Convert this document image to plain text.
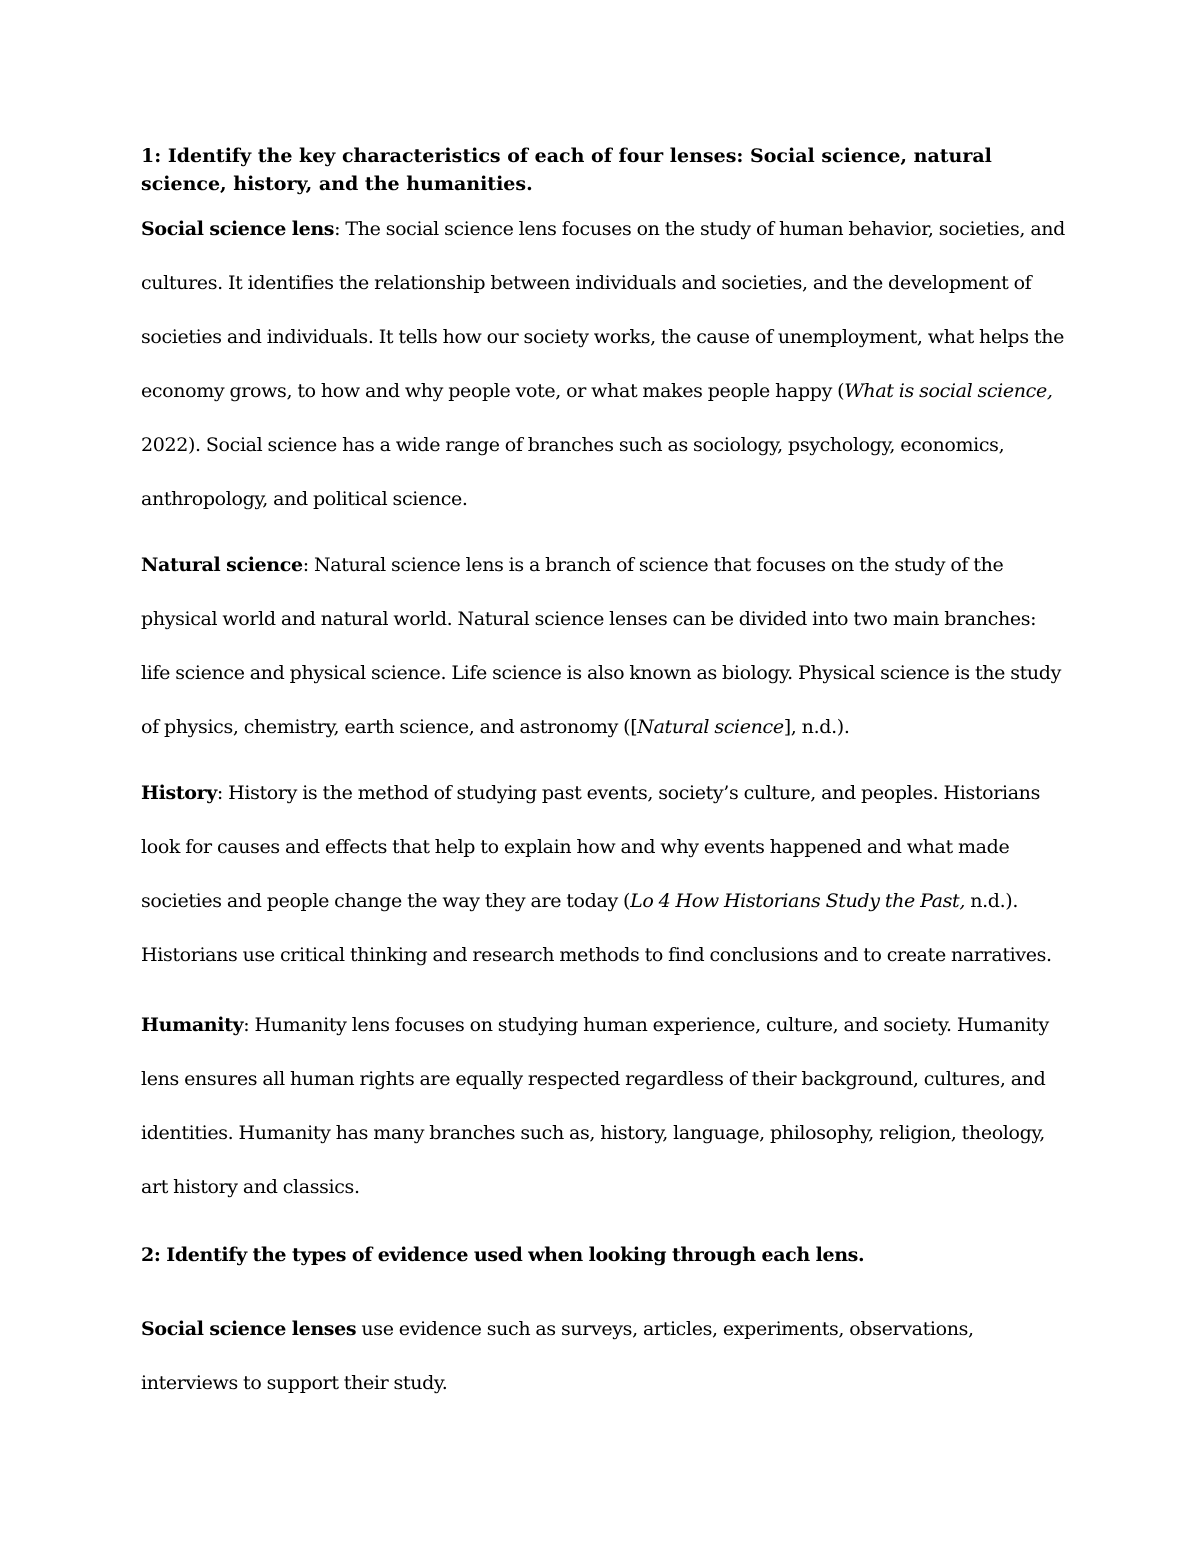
1: Identify the key characteristics of each of four lenses: Social science, natural science, history, and the humanities.

Social science lens: The social science lens focuses on the study of human behavior, societies, and cultures. It identifies the relationship between individuals and societies, and the development of societies and individuals. It tells how our society works, the cause of unemployment, what helps the economy grows, to how and why people vote, or what makes people happy (What is social science, 2022). Social science has a wide range of branches such as sociology, psychology, economics, anthropology, and political science.

Natural science: Natural science lens is a branch of science that focuses on the study of the physical world and natural world. Natural science lenses can be divided into two main branches: life science and physical science. Life science is also known as biology. Physical science is the study of physics, chemistry, earth science, and astronomy ([Natural science], n.d.).

History: History is the method of studying past events, society’s culture, and peoples. Historians look for causes and effects that help to explain how and why events happened and what made societies and people change the way they are today (Lo 4 How Historians Study the Past, n.d.). Historians use critical thinking and research methods to find conclusions and to create narratives.

Humanity: Humanity lens focuses on studying human experience, culture, and society. Humanity lens ensures all human rights are equally respected regardless of their background, cultures, and identities. Humanity has many branches such as, history, language, philosophy, religion, theology, art history and classics.

2: Identify the types of evidence used when looking through each lens.

Social science lenses use evidence such as surveys, articles, experiments, observations, interviews to support their study.
